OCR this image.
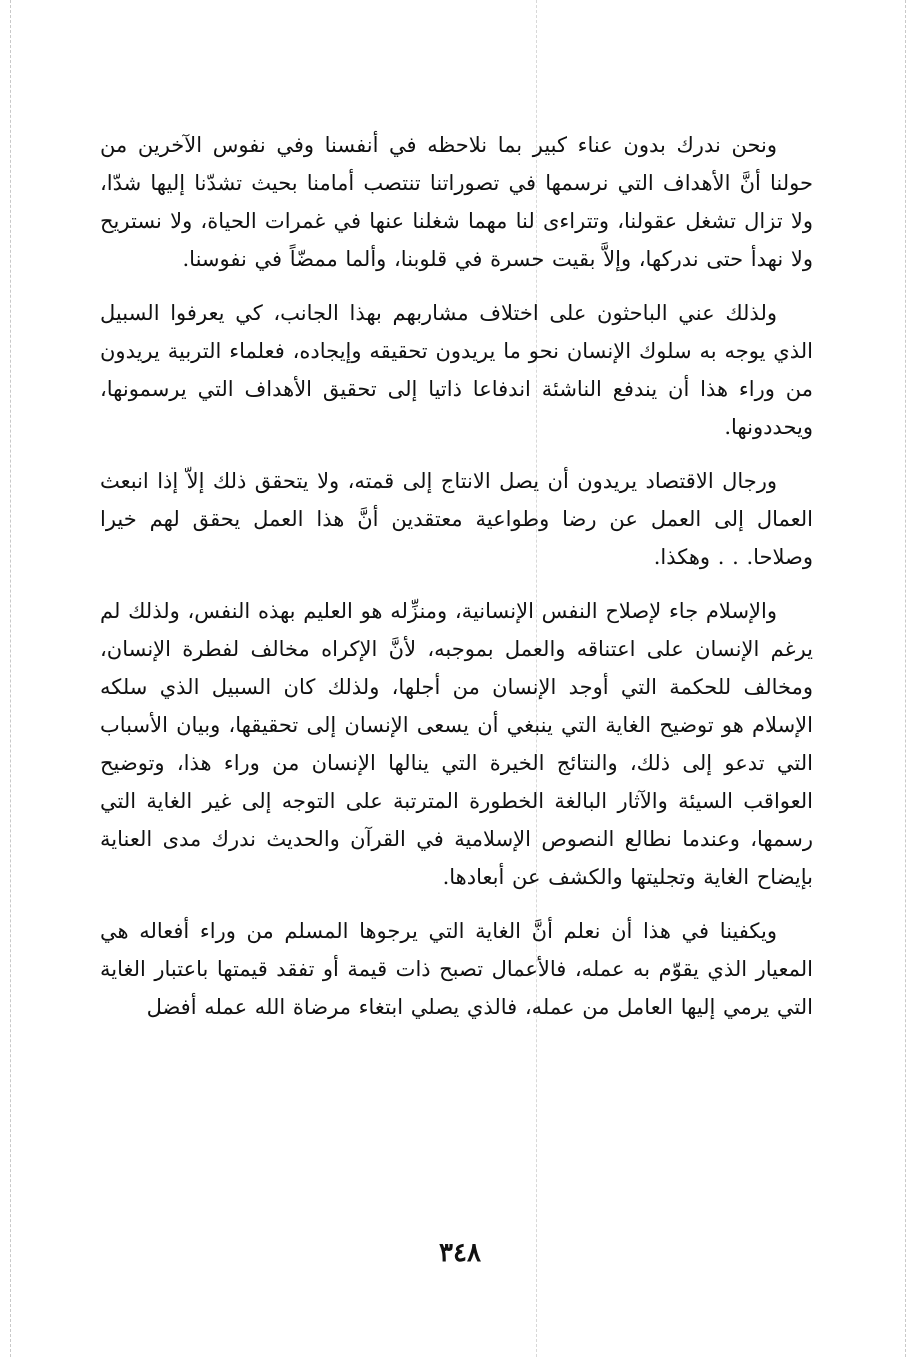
ونحن ندرك بدون عناء كبير بما نلاحظه في أنفسنا وفي نفوس الآخرين من حولنا أنَّ الأهداف التي نرسمها في تصوراتنا تنتصب أمامنا بحيث تشدّنا إليها شدّا، ولا تزال تشغل عقولنا، وتتراءى لنا مهما شغلنا عنها في غمرات الحياة، ولا نستريح ولا نهدأ حتى ندركها، وإلاَّ بقيت حسرة في قلوبنا، وألما ممضّاً في نفوسنا.

ولذلك عني الباحثون على اختلاف مشاربهم بهذا الجانب، كي يعرفوا السبيل الذي يوجه به سلوك الإنسان نحو ما يريدون تحقيقه وإيجاده، فعلماء التربية يريدون من وراء هذا أن يندفع الناشئة اندفاعا ذاتيا إلى تحقيق الأهداف التي يرسمونها، ويحددونها.

ورجال الاقتصاد يريدون أن يصل الانتاج إلى قمته، ولا يتحقق ذلك إلاّ إذا انبعث العمال إلى العمل عن رضا وطواعية معتقدين أنَّ هذا العمل يحقق لهم خيرا وصلاحا. . . وهكذا.

والإسلام جاء لإصلاح النفس الإنسانية، ومنزِّله هو العليم بهذه النفس، ولذلك لم يرغم الإنسان على اعتناقه والعمل بموجبه، لأنَّ الإكراه مخالف لفطرة الإنسان، ومخالف للحكمة التي أوجد الإنسان من أجلها، ولذلك كان السبيل الذي سلكه الإسلام هو توضيح الغاية التي ينبغي أن يسعى الإنسان إلى تحقيقها، وبيان الأسباب التي تدعو إلى ذلك، والنتائج الخيرة التي ينالها الإنسان من وراء هذا، وتوضيح العواقب السيئة والآثار البالغة الخطورة المترتبة على التوجه إلى غير الغاية التي رسمها، وعندما نطالع النصوص الإسلامية في القرآن والحديث ندرك مدى العناية بإيضاح الغاية وتجليتها والكشف عن أبعادها.

ويكفينا في هذا أن نعلم أنَّ الغاية التي يرجوها المسلم من وراء أفعاله هي المعيار الذي يقوّم به عمله، فالأعمال تصبح ذات قيمة أو تفقد قيمتها باعتبار الغاية التي يرمي إليها العامل من عمله، فالذي يصلي ابتغاء مرضاة الله عمله أفضل

٣٤٨
